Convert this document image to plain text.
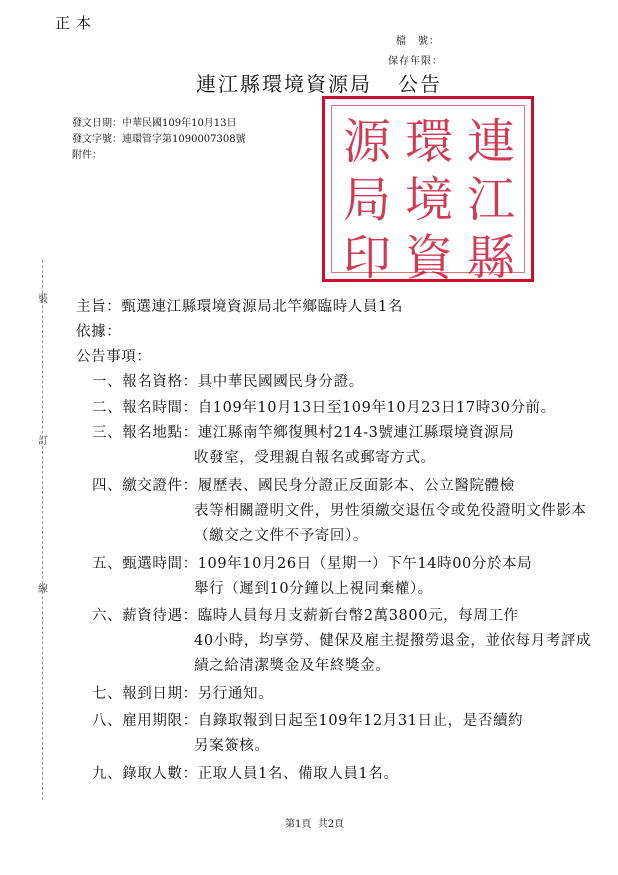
正本
檔　號：
保存年限：
連江縣環境資源局 公告
發文日期：中華民國109年10月13日
發文字號：連環管字第1090007308號
附件：	連
江
縣
環
境
資
源
局
印
裝
訂
線
主旨：甄選連江縣環境資源局北竿鄉臨時人員1名
依據：
公告事項：
一、報名資格：具中華民國國民身分證。
二、報名時間：自109年10月13日至109年10月23日17時30分前。
三、報名地點：連江縣南竿鄉復興村214-3號連江縣環境資源局
收發室，受理親自報名或郵寄方式。
四、繳交證件：履歷表、國民身分證正反面影本、公立醫院體檢
表等相關證明文件，男性須繳交退伍令或免役證明文件影本
（繳交之文件不予寄回）。
五、甄選時間：109年10月26日（星期一）下午14時00分於本局
舉行（遲到10分鐘以上視同棄權）。
六、薪資待遇：臨時人員每月支薪新台幣2萬3800元，每周工作
40小時，均享勞、健保及雇主提撥勞退金，並依每月考評成
績之給清潔獎金及年終獎金。
七、報到日期：另行通知。
八、雇用期限：自錄取報到日起至109年12月31日止，是否續約
另案簽核。
九、錄取人數：正取人員1名、備取人員1名。
第1頁 共2頁
